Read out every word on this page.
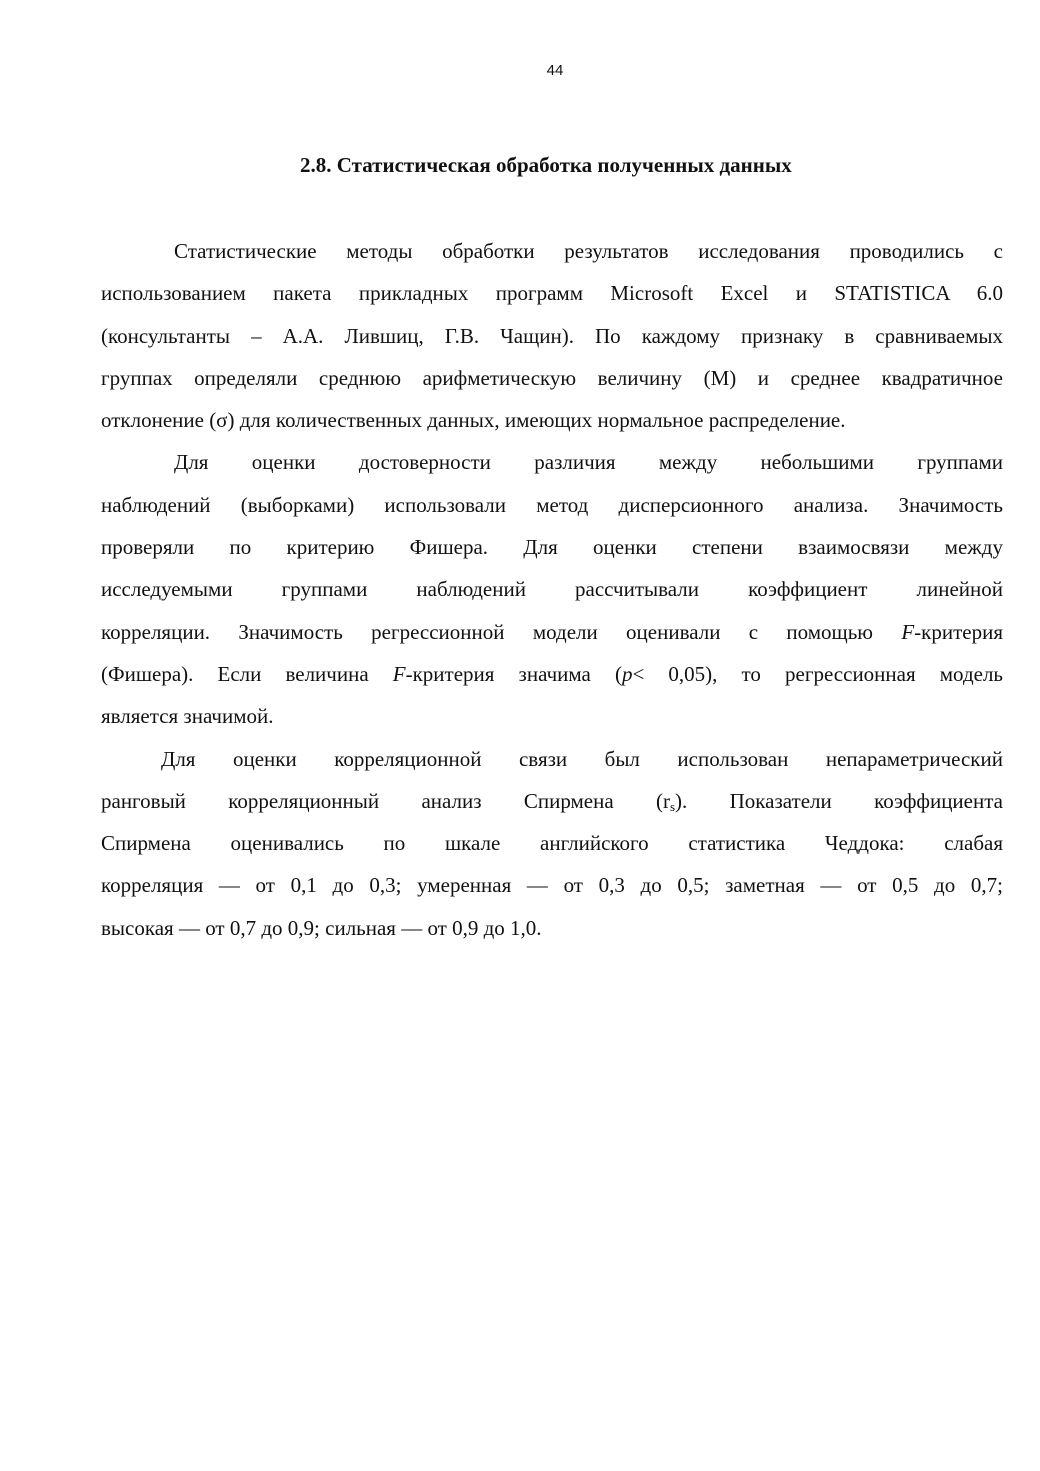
44
2.8. Статистическая обработка полученных данных
Статистические методы обработки результатов исследования проводились с
использованием пакета прикладных программ Microsoft Excel и STATISTICA 6.0
(консультанты – А.А. Лившиц, Г.В. Чащин). По каждому признаку в сравниваемых
группах определяли среднюю арифметическую величину (М) и среднее квадратичное
отклонение (σ) для количественных данных, имеющих нормальное распределение.
Для оценки достоверности различия между небольшими группами
наблюдений (выборками) использовали метод дисперсионного анализа. Значимость
проверяли по критерию Фишера. Для оценки степени взаимосвязи между
исследуемыми группами наблюдений рассчитывали коэффициент линейной
корреляции. Значимость регрессионной модели оценивали с помощью F-критерия
(Фишера). Если величина F-критерия значима (р< 0,05), то регрессионная модель
является значимой.
Для оценки корреляционной связи был использован непараметрический
ранговый корреляционный анализ Спирмена $(r_s)$. Показатели коэффициента
Спирмена оценивались по шкале английского статистика Чеддока: слабая
корреляция — от 0,1 до 0,3; умеренная — от 0,3 до 0,5; заметная — от 0,5 до 0,7;
высокая — от 0,7 до 0,9; сильная — от 0,9 до 1,0.
